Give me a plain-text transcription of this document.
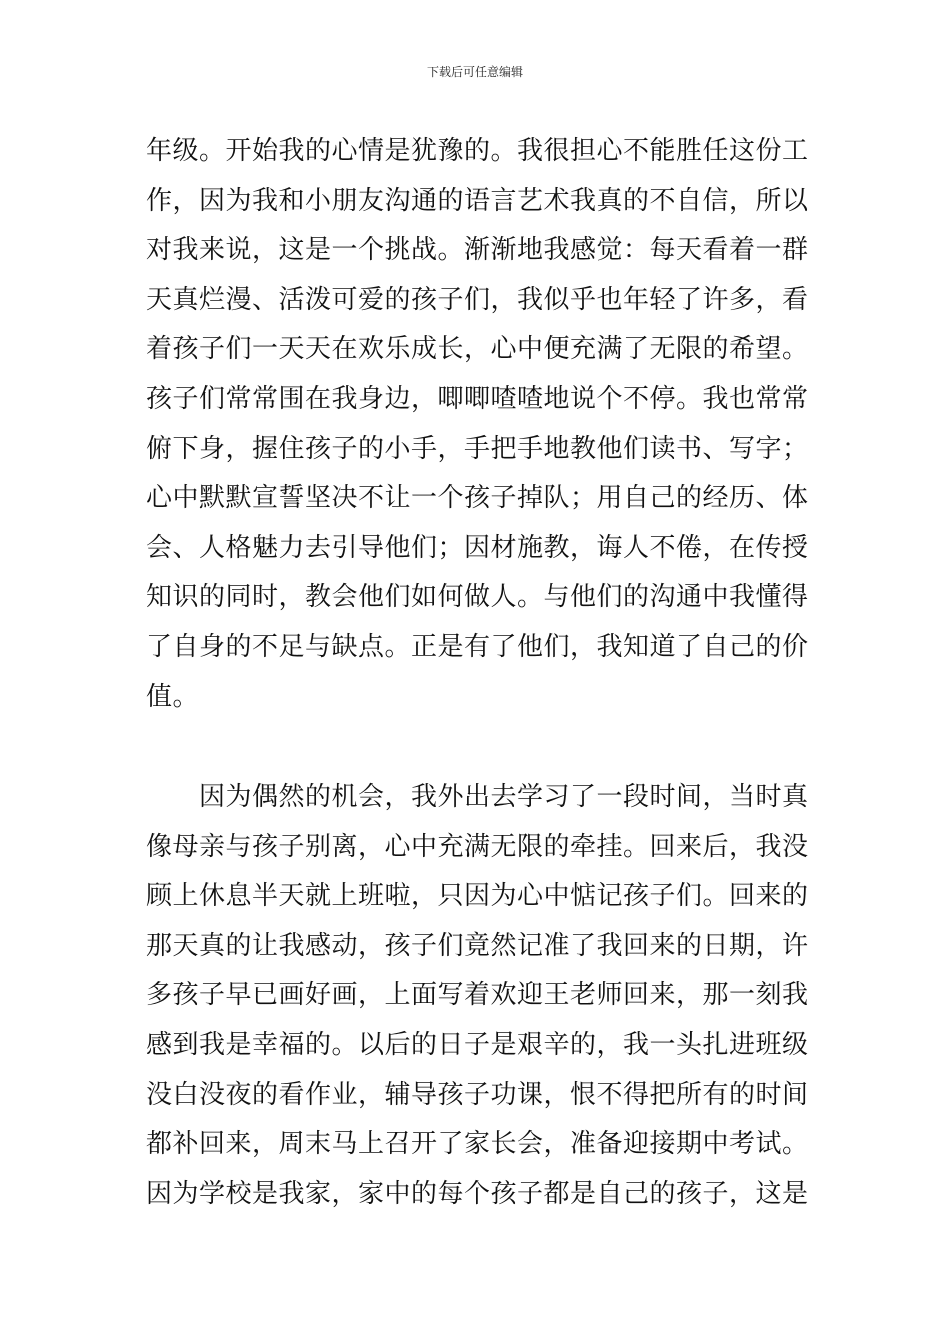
下载后可任意编辑
年级。开始我的心情是犹豫的。我很担心不能胜任这份工
作，因为我和小朋友沟通的语言艺术我真的不自信，所以
对我来说，这是一个挑战。渐渐地我感觉：每天看着一群
天真烂漫、活泼可爱的孩子们，我似乎也年轻了许多，看
着孩子们一天天在欢乐成长，心中便充满了无限的希望。
孩子们常常围在我身边，唧唧喳喳地说个不停。我也常常
俯下身，握住孩子的小手，手把手地教他们读书、写字；
心中默默宣誓坚决不让一个孩子掉队；用自己的经历、体
会、人格魅力去引导他们；因材施教，诲人不倦，在传授
知识的同时，教会他们如何做人。与他们的沟通中我懂得
了自身的不足与缺点。正是有了他们，我知道了自己的价
值。
　　因为偶然的机会，我外出去学习了一段时间，当时真
像母亲与孩子别离，心中充满无限的牵挂。回来后，我没
顾上休息半天就上班啦，只因为心中惦记孩子们。回来的
那天真的让我感动，孩子们竟然记准了我回来的日期，许
多孩子早已画好画，上面写着欢迎王老师回来，那一刻我
感到我是幸福的。以后的日子是艰辛的，我一头扎进班级
没白没夜的看作业，辅导孩子功课，恨不得把所有的时间
都补回来，周末马上召开了家长会，准备迎接期中考试。
因为学校是我家，家中的每个孩子都是自己的孩子，这是
